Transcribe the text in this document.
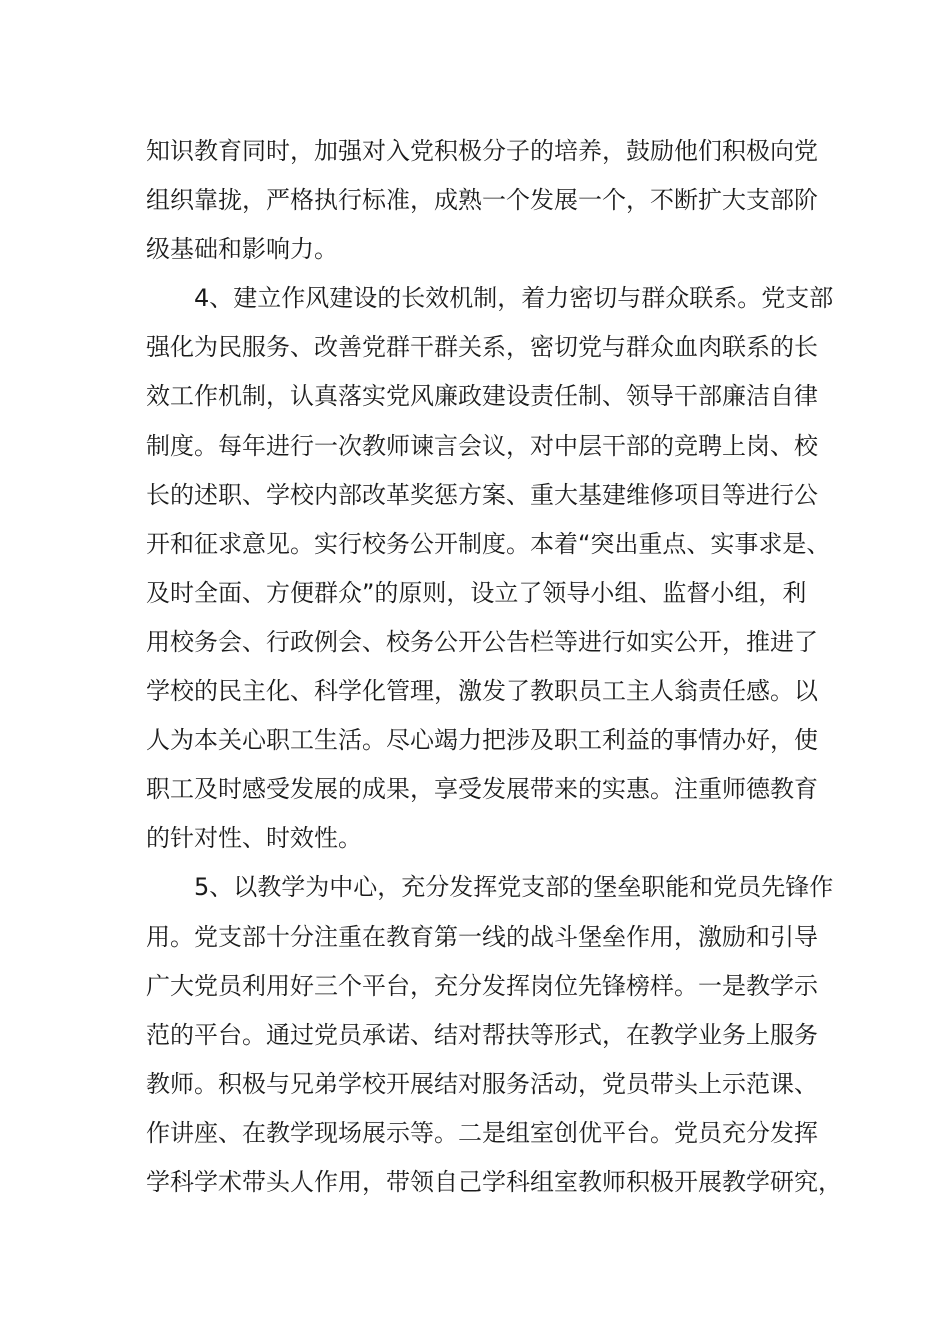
知识教育同时，加强对入党积极分子的培养，鼓励他们积极向党
组织靠拢，严格执行标准，成熟一个发展一个，不断扩大支部阶
级基础和影响力。
4、建立作风建设的长效机制，着力密切与群众联系。党支部
强化为民服务、改善党群干群关系，密切党与群众血肉联系的长
效工作机制，认真落实党风廉政建设责任制、领导干部廉洁自律
制度。每年进行一次教师谏言会议，对中层干部的竞聘上岗、校
长的述职、学校内部改革奖惩方案、重大基建维修项目等进行公
开和征求意见。实行校务公开制度。本着“突出重点、实事求是、
及时全面、方便群众”的原则，设立了领导小组、监督小组，利
用校务会、行政例会、校务公开公告栏等进行如实公开，推进了
学校的民主化、科学化管理，激发了教职员工主人翁责任感。以
人为本关心职工生活。尽心竭力把涉及职工利益的事情办好，使
职工及时感受发展的成果，享受发展带来的实惠。注重师德教育
的针对性、时效性。
5、以教学为中心，充分发挥党支部的堡垒职能和党员先锋作
用。党支部十分注重在教育第一线的战斗堡垒作用，激励和引导
广大党员利用好三个平台，充分发挥岗位先锋榜样。一是教学示
范的平台。通过党员承诺、结对帮扶等形式，在教学业务上服务
教师。积极与兄弟学校开展结对服务活动，党员带头上示范课、
作讲座、在教学现场展示等。二是组室创优平台。党员充分发挥
学科学术带头人作用，带领自己学科组室教师积极开展教学研究，
